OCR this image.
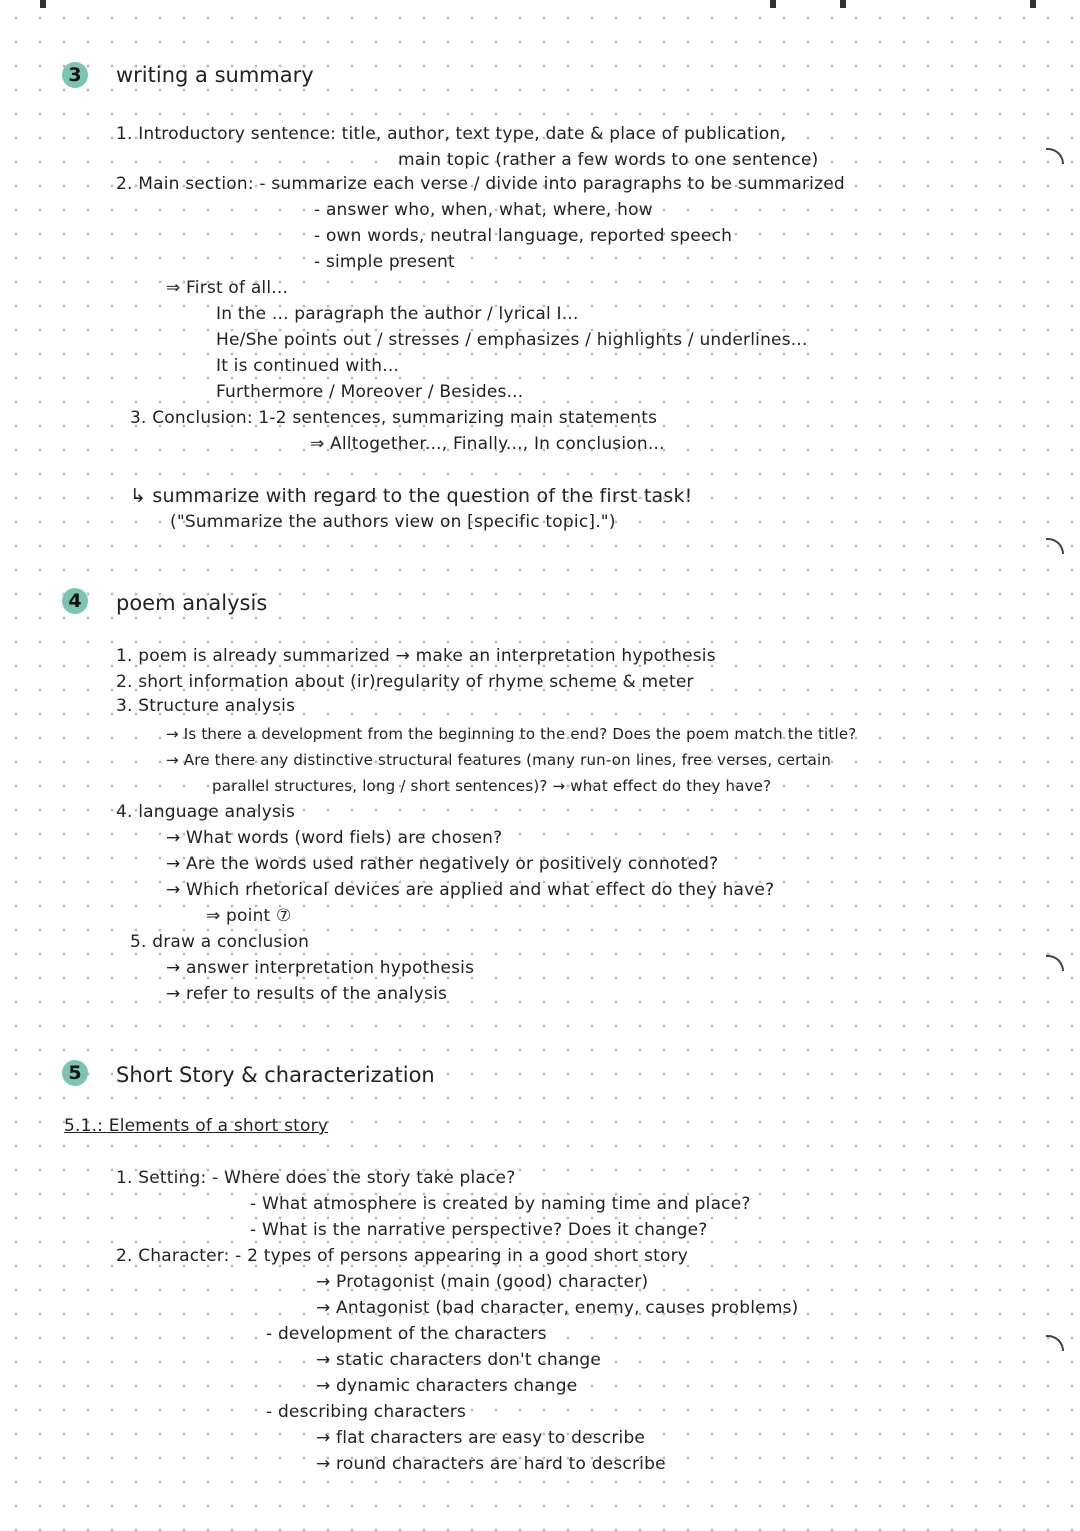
3	writing a summary
1. Introductory sentence: title, author, text type, date & place of publication,
main topic (rather a few words to one sentence)
2. Main section: - summarize each verse / divide into paragraphs to be summarized
- answer who, when, what, where, how
- own words, neutral language, reported speech
- simple present
⇒ First of all...
In the ... paragraph the author / lyrical I...
He/She points out / stresses / emphasizes / highlights / underlines...
It is continued with...
Furthermore / Moreover / Besides...
3. Conclusion: 1-2 sentences, summarizing main statements
⇒ Alltogether..., Finally..., In conclusion...
↳ summarize with regard to the question of the first task!
("Summarize the authors view on [specific topic].")
4	poem analysis
1. poem is already summarized → make an interpretation hypothesis
2. short information about (ir)regularity of rhyme scheme & meter
3. Structure analysis
→ Is there a development from the beginning to the end? Does the poem match the title?
→ Are there any distinctive structural features (many run-on lines, free verses, certain
parallel structures, long / short sentences)? → what effect do they have?
4. language analysis
→ What words (word fiels) are chosen?
→ Are the words used rather negatively or positively connoted?
→ Which rhetorical devices are applied and what effect do they have?
⇒ point ⑦
5. draw a conclusion
→ answer interpretation hypothesis
→ refer to results of the analysis
5	Short Story & characterization
5.1.: Elements of a short story
1. Setting: - Where does the story take place?
- What atmosphere is created by naming time and place?
- What is the narrative perspective? Does it change?
2. Character: - 2 types of persons appearing in a good short story
→ Protagonist (main (good) character)
→ Antagonist (bad character, enemy, causes problems)
- development of the characters
→ static characters don't change
→ dynamic characters change
- describing characters
→ flat characters are easy to describe
→ round characters are hard to describe
